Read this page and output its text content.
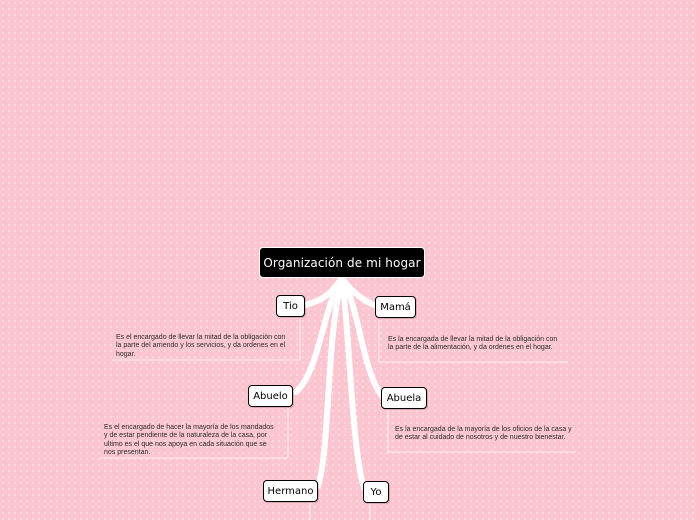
Organización de mi hogar
Tio	Mamá
Abuelo	Abuela
Hermano	Yo
Es el encargado de llevar la mitad de la obligación con la parte del arriendo y los servicios, y da ordenes en el hogar.
Es la encargada de llevar la mitad de la obligación con la parte de la alimentación, y da ordenes en el hogar.
Es el encargado de hacer la mayoría de los mandados y de estar pendiente de la naturaleza de la casa, por ultimo es el que nos apoya en cada situación que se nos presentan.
Es la encargada de la mayoría de los oficios de la casa y de estar al cuidado de nosotros y de nuestro bienestar.
